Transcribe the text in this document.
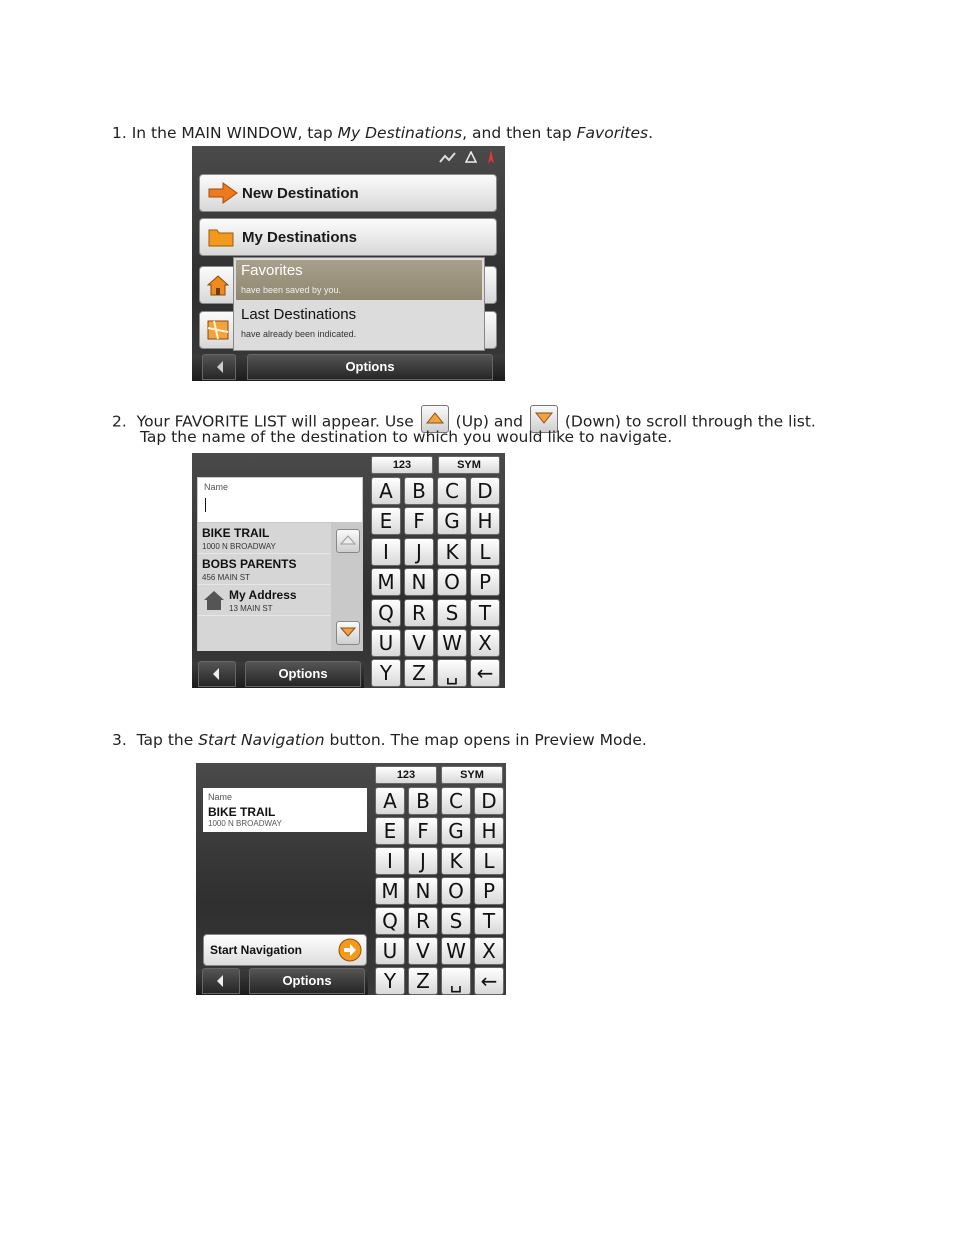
1. In the MAIN WINDOW, tap My Destinations, and then tap Favorites.
New Destination
My Destinations
Favorites
have been saved by you.
Last Destinations
have already been indicated.
Options
2. Your FAVORITE LIST will appear. Use
(Up) and
(Down) to scroll through the list.
Tap the name of the destination to which you would like to navigate.
Name
BIKE TRAIL
1000 N BROADWAY
BOBS PARENTS
456 MAIN ST
My Address
13 MAIN ST
123	SYM
A B C D
E	F G H
I	J	K	L
M N O P
Q R S	T
U V W X
Y	Z ␣ ←
Options
3. Tap the Start Navigation button. The map opens in Preview Mode.
Name
BIKE TRAIL
1000 N BROADWAY
Start Navigation
123	SYM
A B C D
E	F G H
I	J	K	L
M N O P
Q R S	T
U V W X
Y	Z ␣ ←
Options
